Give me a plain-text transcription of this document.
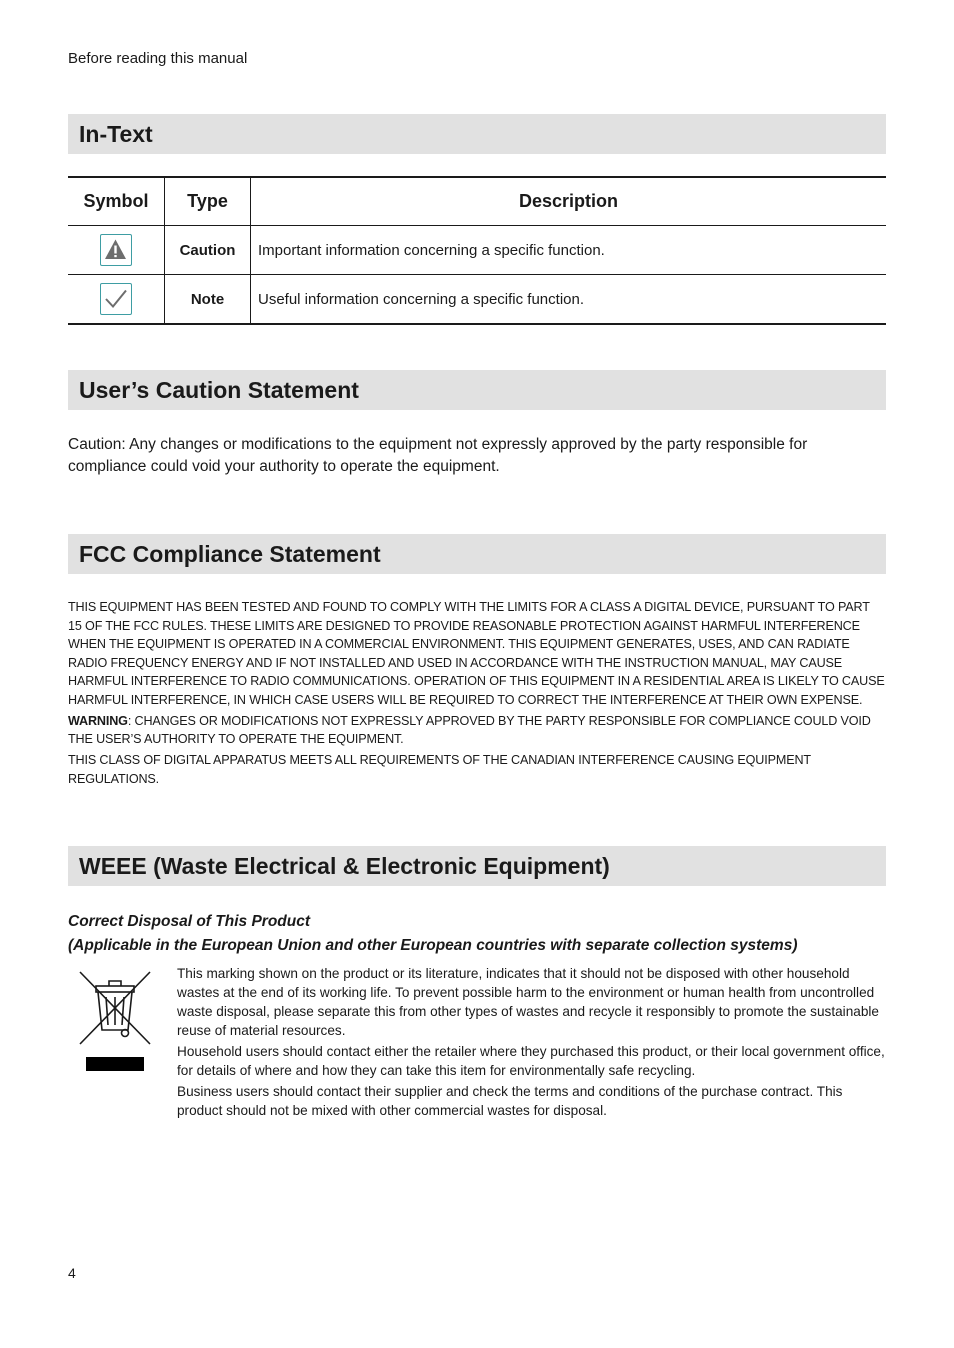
Before reading this manual
In-Text
Symbol	Type	Description

	Caution	Important information concerning a specific function.

	Note	Useful information concerning a specific function.
User’s Caution Statement
Caution: Any changes or modifications to the equipment not expressly approved by the party responsible for compliance could void your authority to operate the equipment.
FCC Compliance Statement

THIS EQUIPMENT HAS BEEN TESTED AND FOUND TO COMPLY WITH THE LIMITS FOR A CLASS A DIGITAL DEVICE, PURSUANT TO PART 15 OF THE FCC RULES. THESE LIMITS ARE DESIGNED TO PROVIDE REASONABLE PROTECTION AGAINST HARMFUL INTERFERENCE WHEN THE EQUIPMENT IS OPERATED IN A COMMERCIAL ENVIRONMENT. THIS EQUIPMENT GENERATES, USES, AND CAN RADIATE RADIO FREQUENCY ENERGY AND IF NOT INSTALLED AND USED IN ACCORDANCE WITH THE INSTRUCTION MANUAL, MAY CAUSE HARMFUL INTERFERENCE TO RADIO COMMUNICATIONS. OPERATION OF THIS EQUIPMENT IN A RESIDENTIAL AREA IS LIKELY TO CAUSE HARMFUL INTERFERENCE, IN WHICH CASE USERS WILL BE REQUIRED TO CORRECT THE INTERFERENCE AT THEIR OWN EXPENSE.

WARNING: CHANGES OR MODIFICATIONS NOT EXPRESSLY APPROVED BY THE PARTY RESPONSIBLE FOR COMPLIANCE COULD VOID THE USER’S AUTHORITY TO OPERATE THE EQUIPMENT.

THIS CLASS OF DIGITAL APPARATUS MEETS ALL REQUIREMENTS OF THE CANADIAN INTERFERENCE CAUSING EQUIPMENT REGULATIONS.

WEEE (Waste Electrical & Electronic Equipment)
Correct Disposal of This Product
(Applicable in the European Union and other European countries with separate collection systems)

This marking shown on the product or its literature, indicates that it should not be disposed with other household wastes at the end of its working life. To prevent possible harm to the environment or human health from uncontrolled waste disposal, please separate this from other types of wastes and recycle it responsibly to promote the sustainable reuse of material resources.

Household users should contact either the retailer where they purchased this product, or their local government office, for details of where and how they can take this item for environmentally safe recycling.

Business users should contact their supplier and check the terms and conditions of the purchase contract. This product should not be mixed with other commercial wastes for disposal.

4
